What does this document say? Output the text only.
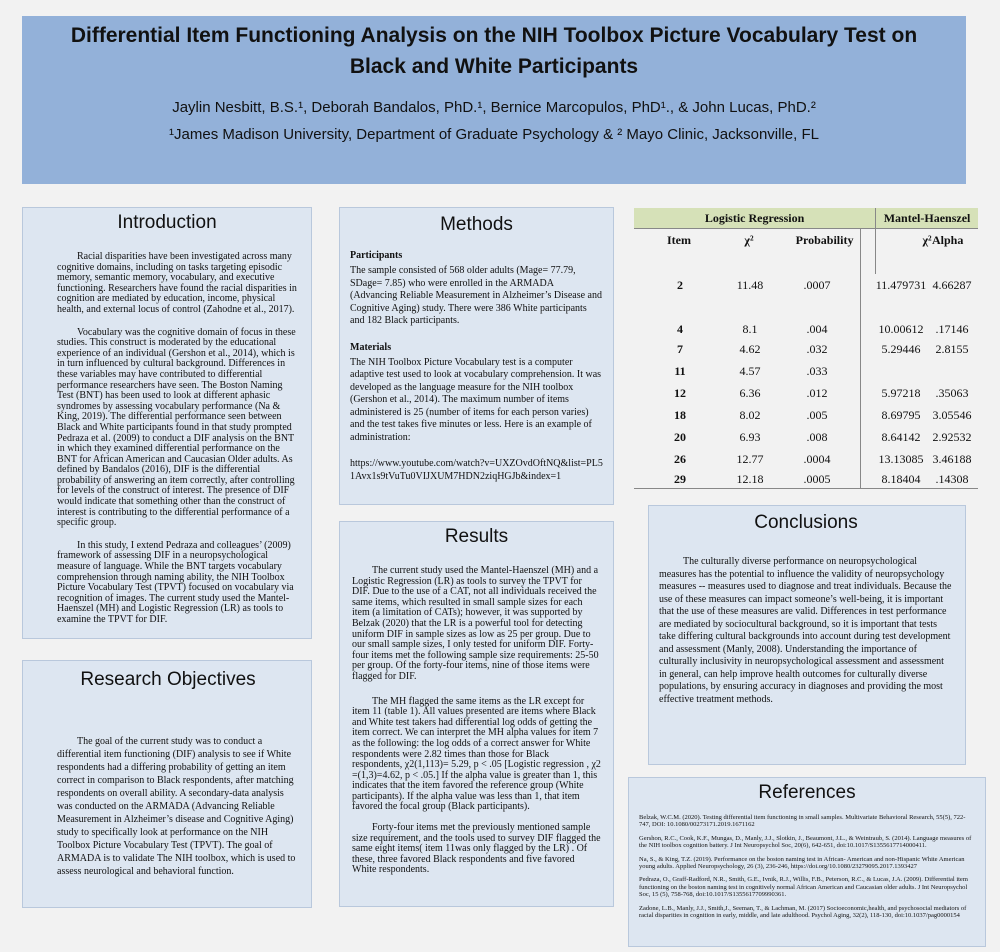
Differential Item Functioning Analysis on the NIH Toolbox Picture Vocabulary Test on
Black and White Participants
Jaylin Nesbitt, B.S.¹, Deborah Bandalos, PhD.¹, Bernice Marcopulos, PhD¹., & John Lucas, PhD.²
¹James Madison University, Department of Graduate Psychology & ² Mayo Clinic, Jacksonville, FL
Introduction

Racial disparities have been investigated across many cognitive domains, including on tasks targeting episodic memory, semantic memory, vocabulary, and executive functioning. Researchers have found the racial disparities in cognition are mediated by education, income, physical health, and external locus of control (Zahodne et al., 2017).

Vocabulary was the cognitive domain of focus in these studies. This construct is moderated by the educational experience of an individual (Gershon et al., 2014), which is in turn influenced by cultural background. Differences in these variables may have contributed to differential performance researchers have seen. The Boston Naming Test (BNT) has been used to look at different aphasic syndromes by assessing vocabulary performance (Na & King, 2019). The differential performance seen between Black and White participants found in that study prompted Pedraza et al. (2009) to conduct a DIF analysis on the BNT in which they examined differential performance on the BNT for African American and Caucasian Older adults. As defined by Bandalos (2016), DIF is the differential probability of answering an item correctly, after controlling for levels of the construct of interest. The presence of DIF would indicate that something other than the construct of interest is contributing to the differential performance of a specific group.

In this study, I extend Pedraza and colleagues’ (2009) framework of assessing DIF in a neuropsychological measure of language. While the BNT targets vocabulary comprehension through naming ability, the NIH Toolbox Picture Vocabulary Test (TPVT) focused on vocabulary via recognition of images. The current study used the Mantel-Haenszel (MH) and Logistic Regression (LR) as tools to examine the TPVT for DIF.

Research Objectives

The goal of the current study was to conduct a differential item functioning (DIF) analysis to see if White respondents had a differing probability of getting an item correct in comparison to Black respondents, after matching respondents on overall ability. A secondary-data analysis was conducted on the ARMADA (Advancing Reliable Measurement in Alzheimer’s disease and Cognitive Aging) study to specifically look at performance on the NIH Toolbox Picture Vocabulary Test (TPVT). The goal of ARMADA is to validate The NIH toolbox, which is used to assess neurological and behavioral function.

Methods

Participants

The sample consisted of 568 older adults (Mage= 77.79, SDage= 7.85) who were enrolled in the ARMADA (Advancing Reliable Measurement in Alzheimer’s Disease and Cognitive Aging) study. There were 386 White participants and 182 Black participants.

Materials

The NIH Toolbox Picture Vocabulary test is a computer adaptive test used to look at vocabulary comprehension. It was developed as the language measure for the NIH toolbox (Gershon et al., 2014). The maximum number of items administered is 25 (number of items for each person varies) and the test takes five minutes or less. Here is an example of administration:

https://www.youtube.com/watch?v=UXZOvdOftNQ&list=PL51Avx1s9tVuTu0VIJXUM7HDN2ziqHGJb&index=1

Results

The current study used the Mantel-Haenszel (MH) and a Logistic Regression (LR) as tools to survey the TPVT for DIF. Due to the use of a CAT, not all individuals received the same items, which resulted in small sample sizes for each item (a limitation of CATs); however, it was supported by Belzak (2020) that the LR is a powerful tool for detecting uniform DIF in sample sizes as low as 25 per group. Due to our small sample sizes, I only tested for uniform DIF. Forty-four items met the following sample size requirements: 25-50 per group. Of the forty-four items, nine of those items were flagged for DIF.

The MH flagged the same items as the LR except for item 11 (table 1). All values presented are items where Black and White test takers had differential log odds of getting the item correct. We can interpret the MH alpha values for item 7 as the following: the log odds of a correct answer for White respondents were 2.82 times than those for Black respondents, χ2(1,113)= 5.29, p < .05 [Logistic regression , χ2 =(1,3)=4.62, p < .05.] If the alpha value is greater than 1, this indicates that the item favored the reference group (White participants). If the alpha value was less than 1, that item favored the focal group (Black participants).

Forty-four items met the previously mentioned sample size requirement, and the tools used to survey DIF flagged the same eight items( item 11was only flagged by the LR) . Of these, three favored Black respondents and five favored White respondents.

Logistic Regression			Mantel-Haenszel
Item	χ²	Probability	χ² Alpha
2	11.48	.0007	11.479731 4.66287
4	8.1	.004	10.00612	.17146
7	4.62	.032	5.29446	2.8155
11	4.57	.033
12	6.36	.012	5.97218	.35063
18	8.02	.005	8.69795	3.05546
20	6.93	.008	8.64142	2.92532
26	12.77	.0004	13.13085 3.46188
29	12.18	.0005	8.18404	.14308
Conclusions

The culturally diverse performance on neuropsychological measures has the potential to influence the validity of neuropsychology measures -- measures used to diagnose and treat individuals. Because the use of these measures can impact someone’s well-being, it is important that the use of these measures are valid. Differences in test performance are mediated by sociocultural background, so it is important that tests take differing cultural backgrounds into account during test development and assessment (Manly, 2008). Understanding the importance of culturally inclusivity in neuropsychological assessment and assessment in general, can help improve health outcomes for culturally diverse populations, by ensuring accuracy in diagnoses and providing the most effective treatment methods.

References

Belzak, W.C.M. (2020). Testing differential item functioning in small samples. Multivariate Behavioral Research, 55(5), 722-747, DOI: 10.1080/00273171.2019.1671162

Gershon, R.C., Cook, K.F., Mungas, D., Manly, J.J., Slotkin, J., Beaumont, J.L., & Weintraub, S. (2014). Language measures of the NIH toolbox cognition battery. J Int Neuropsychol Soc, 20(6), 642-651, doi:10.1017/S1355617714000411.

Na, S., & King, T.Z. (2019). Performance on the boston naming test in African- American and non-Hispanic White American young adults. Applied Neuropsychology, 26 (3), 236-246, https://doi.org/10.1080/23279095.2017.1393427

Pedraza, O., Graff-Radford, N.R., Smith, G.E., Ivnik, R.J., Willis, F.B., Peterson, R.C., & Lucas, J.A. (2009). Differential item functioning on the boston naming test in cognitively normal African American and Caucasian older adults. J Int Neuropsychol Soc, 15 (5), 758-768, doi:10.1017/S1355617709990361.

Zadone, L.B., Manly, J.J., Smith,J., Seeman, T., & Lachman, M. (2017) Socioeconomic,health, and psychosocial mediators of racial disparities in cognition in early, middle, and late adulthood. Psychol Aging, 32(2), 118-130, doi:10.1037/pag0000154
